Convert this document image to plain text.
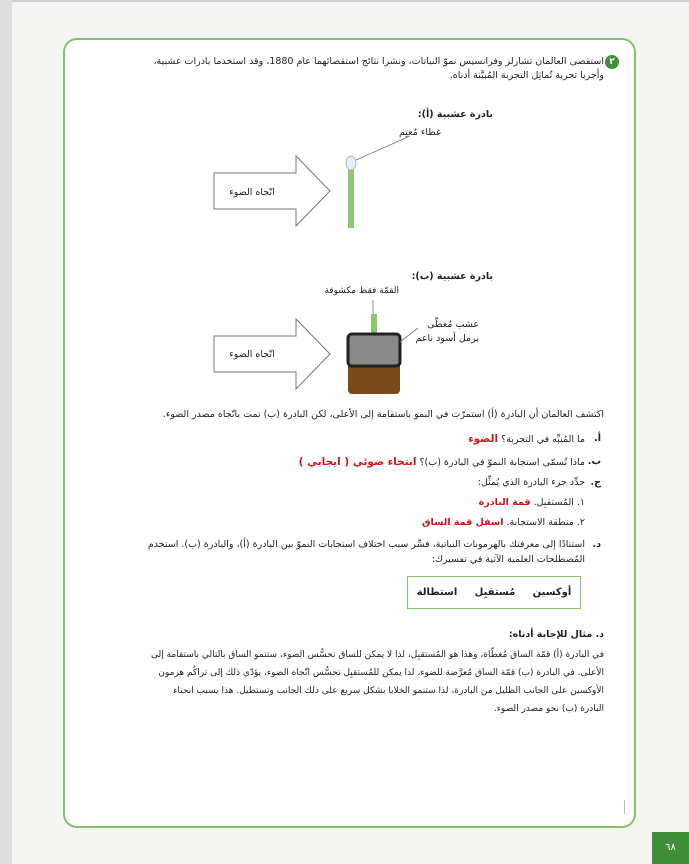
٢
استقصى العالمان تشارلز وفرانسيس نموّ النباتات، ونشرا نتائج استقصائهما عام 1880، وقد استخدما بادرات عشبية،
وأجريا تجربة تُماثِل التجربة المُبيَّنة أدناه.
بادرة عشبية (أ):
غطاء مُعتِم
اتّجاه الضوء
بادرة عشبية (ب):
القمّة فقط مكشوفة
عشب مُغطّى
برمل أسود ناعم
اتّجاه الضوء
اكتشف العالمان أن البادرة (أ) استمرّت في النمو باستقامة إلى الأعلى، لكن البادرة (ب) نمت باتّجاه مصدر الضوء.
أ.
ما المُنبِّه في التجربة؟ الضوء
ب.
ماذا تُسمّى استجابة النموّ في البادرة (ب)؟ انتحاء ضوئي ( ايجابي )
ج.
حدِّد جزء البادرة الذي يُمثِّل:
١. المُستقبِل. قمة البادرة
٢. منطقة الاستجابة. اسفل قمة الساق
د.
استنادًا إلى معرفتك بالهرمونات النباتية، فسِّر سبب اختلاف استجابات النموّ بين البادرة (أ)، والبادرة (ب). استخدم
المُصطلحات العلمية الآتية في تفسيرك:
أوكسين
مُستقبِل
استطالة
د. مثال للإجابة أدناه:
في البادرة (أ) قمّة الساق مُغطّاة، وهذا هو المُستقبِل، لذا لا يمكن للساق تحسُّس الضوء، ستنمو الساق بالتالي باستقامة إلى
الأعلى. في البادرة (ب) قمّة الساق مُعرَّضة للضوء، لذا يمكن للمُستقبِل تحسُّس اتّجاه الضوء، يؤدّي ذلك إلى تراكُم هرمون
الأوكسين على الجانب الظليل من البادرة، لذا ستنمو الخلايا بشكل سريع على ذلك الجانب وتستطيل. هذا يسبب انحناء
البادرة (ب) نحو مصدر الضوء.
٦٨
